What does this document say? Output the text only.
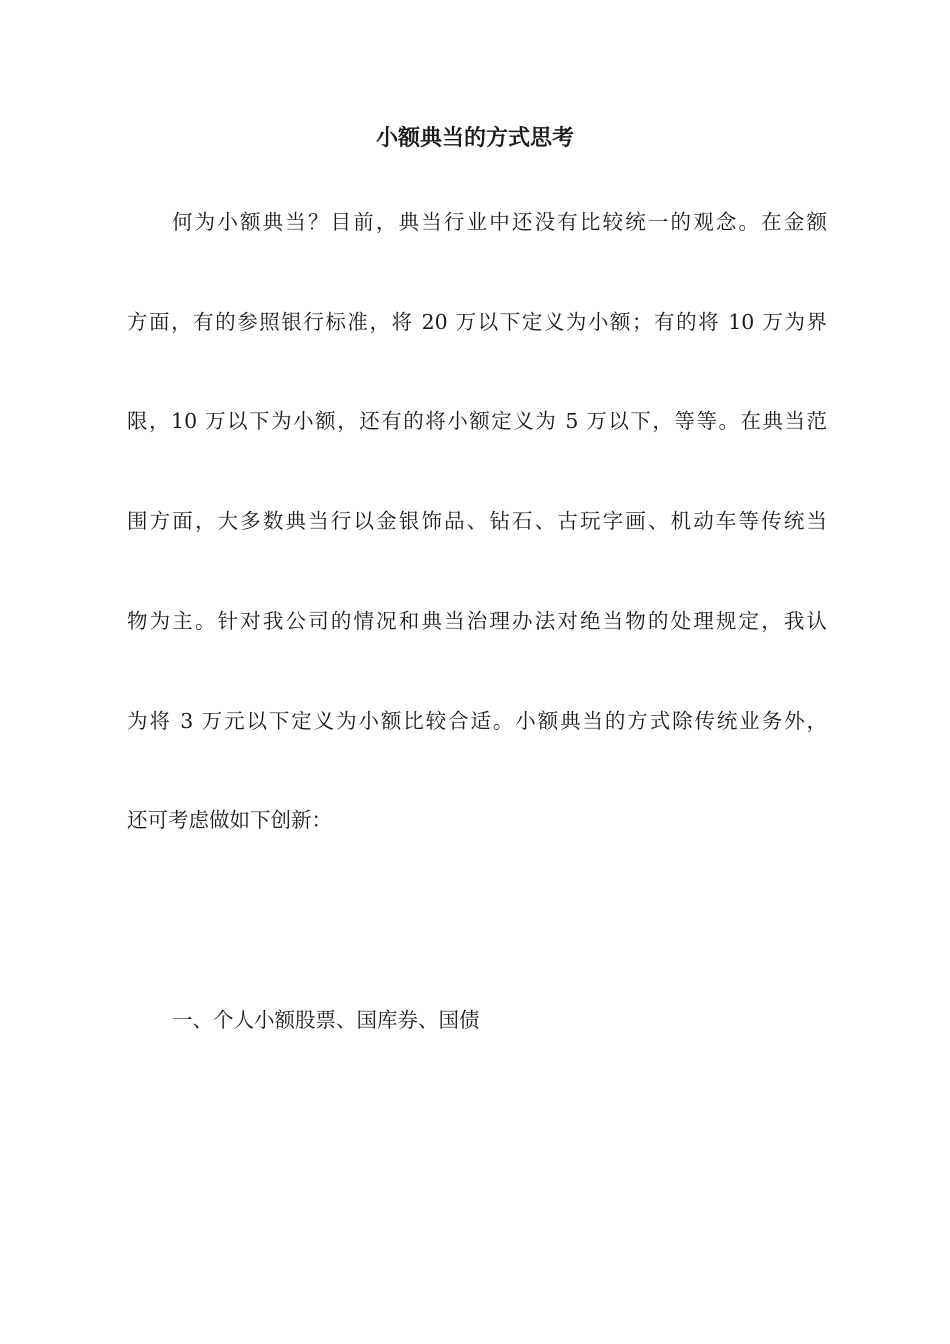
小额典当的方式思考

何为小额典当？目前，典当行业中还没有比较统一的观念。在金额

方面，有的参照银行标准，将 20 万以下定义为小额；有的将 10 万为界

限，10 万以下为小额，还有的将小额定义为 5 万以下，等等。在典当范

围方面，大多数典当行以金银饰品、钻石、古玩字画、机动车等传统当

物为主。针对我公司的情况和典当治理办法对绝当物的处理规定，我认

为将 3 万元以下定义为小额比较合适。小额典当的方式除传统业务外，

还可考虑做如下创新：

一、个人小额股票、国库券、国债
